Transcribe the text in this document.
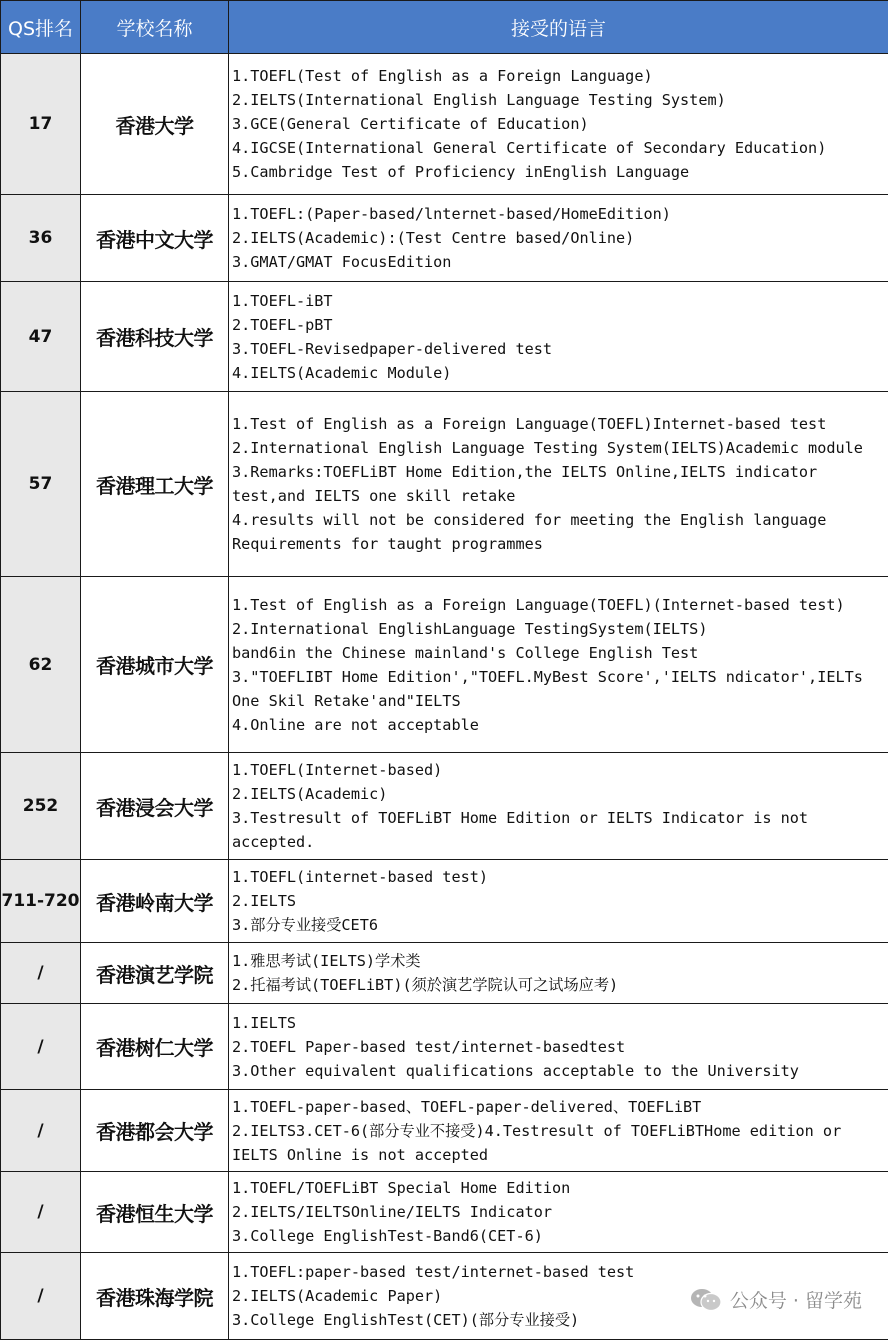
QS排名	学校名称	接受的语言
17	香港大学	1.TOEFL(Test of English as a Foreign Language)
2.IELTS(International English Language Testing System)
3.GCE(General Certificate of Education)
4.IGCSE(International General Certificate of Secondary Education)
5.Cambridge Test of Proficiency inEnglish Language

36	香港中文大学	1.TOEFL:(Paper-based/lnternet-based/HomeEdition)
2.IELTS(Academic):(Test Centre based/Online)
3.GMAT/GMAT FocusEdition

47	香港科技大学	1.TOEFL-iBT
2.TOEFL-pBT
3.TOEFL-Revisedpaper-delivered test
4.IELTS(Academic Module)

57	香港理工大学	1.Test of English as a Foreign Language(TOEFL)Internet-based test
2.International English Language Testing System(IELTS)Academic module
3.Remarks:TOEFLiBT Home Edition,the IELTS Online,IELTS indicator test,and IELTS one skill retake
4.results will not be considered for meeting the English language Requirements for taught programmes

62	香港城市大学	1.Test of English as a Foreign Language(TOEFL)(Internet-based test)
2.International EnglishLanguage TestingSystem(IELTS)
band6in the Chinese mainland's College English Test
3."TOEFLIBT Home Edition',"TOEFL.MyBest Score','IELTS ndicator',IELTs One Skil Retake'and"IELTS
4.Online are not acceptable

252	香港浸会大学	1.TOEFL(Internet-based)
2.IELTS(Academic)
3.Testresult of TOEFLiBT Home Edition or IELTS Indicator is not accepted.

711-720	香港岭南大学	1.TOEFL(internet-based test)
2.IELTS
3.部分专业接受CET6

/	香港演艺学院	1.雅思考试(IELTS)学术类
2.托福考试(TOEFLiBT)(须於演艺学院认可之试场应考)

/	香港树仁大学	1.IELTS
2.TOEFL Paper-based test/internet-basedtest
3.Other equivalent qualifications acceptable to the University

/	香港都会大学	1.TOEFL-paper-based、TOEFL-paper-delivered、TOEFLiBT
2.IELTS3.CET-6(部分专业不接受)4.Testresult of TOEFLiBTHome edition or IELTS Online is not accepted

/	香港恒生大学	1.TOEFL/TOEFLiBT Special Home Edition
2.IELTS/IELTSOnline/IELTS Indicator
3.College EnglishTest-Band6(CET-6)

/	香港珠海学院	1.TOEFL:paper-based test/internet-based test
2.IELTS(Academic Paper)
3.College EnglishTest(CET)(部分专业接受)
公众号 · 留学苑
